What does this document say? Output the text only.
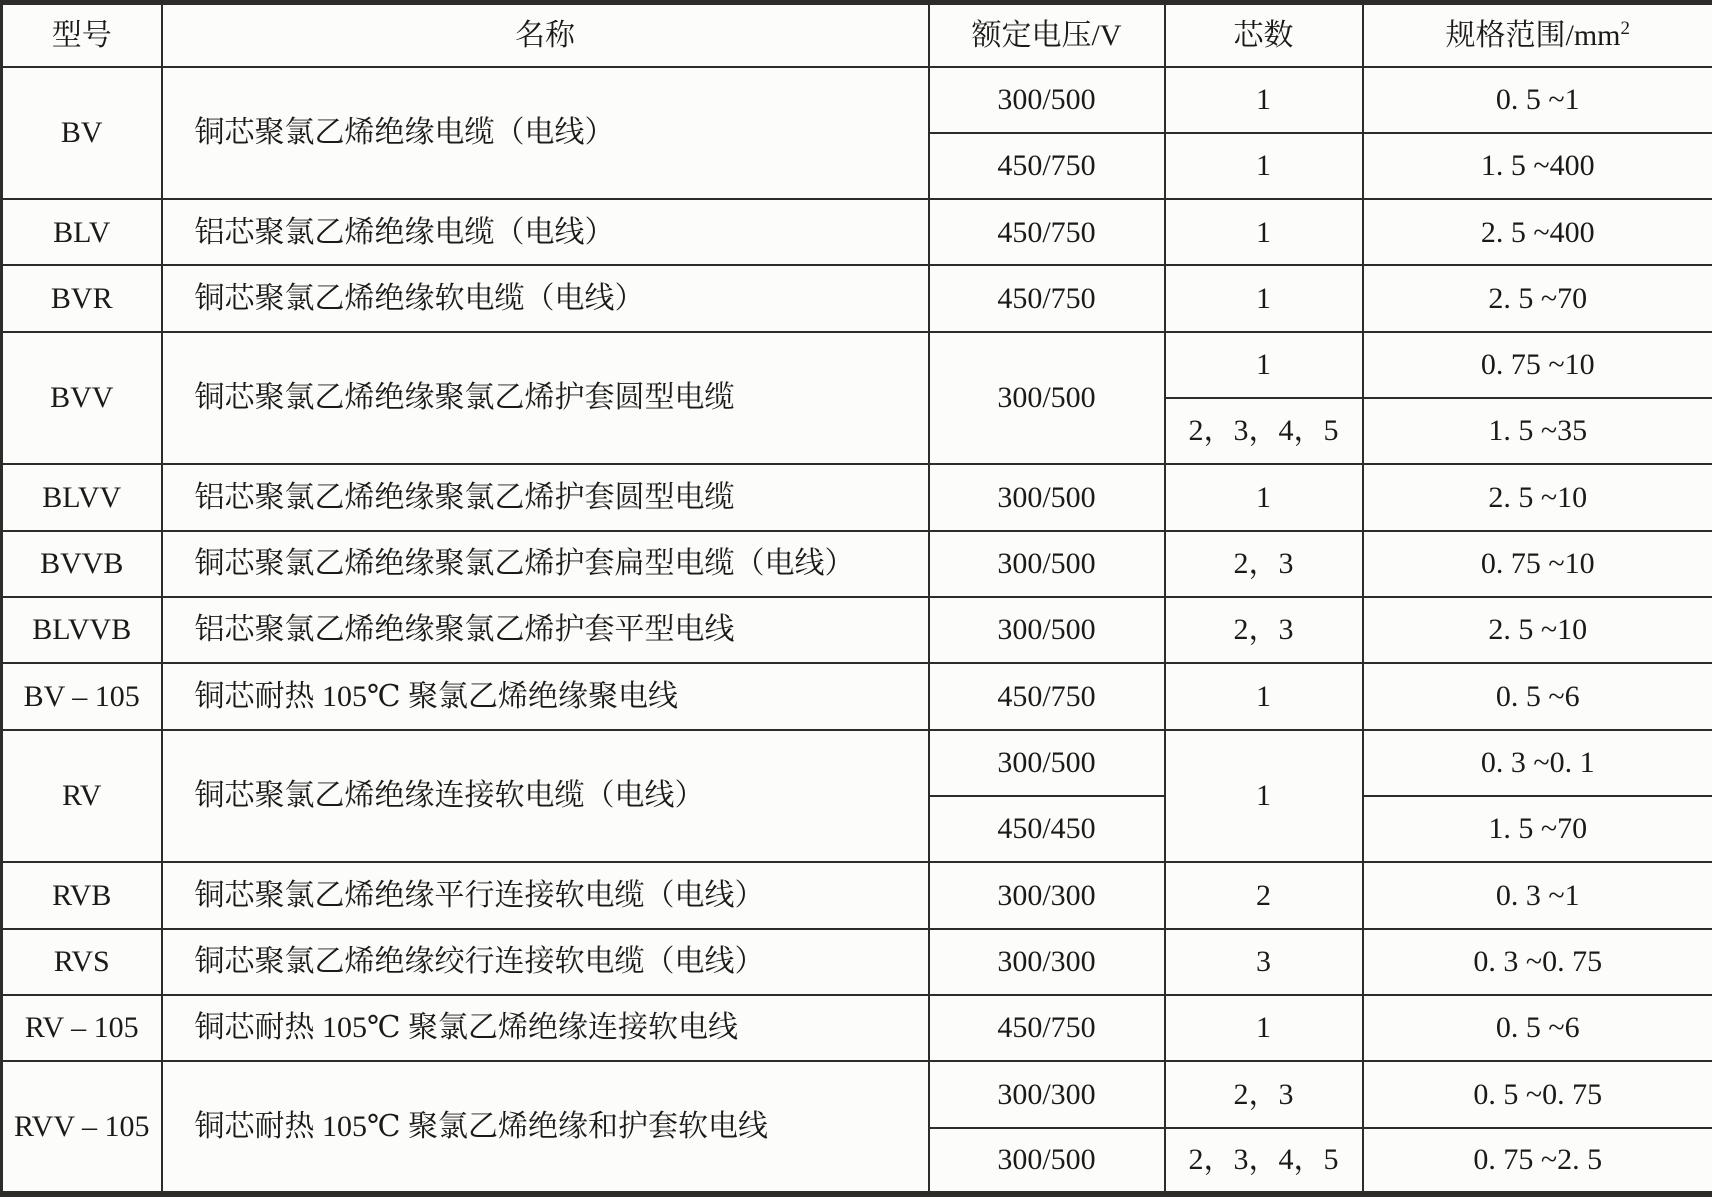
型号	名称	额定电压/V	芯数	规格范围$/mm^2$
BV	铜芯聚氯乙烯绝缘电缆（电线）	300/500	1	0. 5 ~1
		450/750	1	1. 5 ~400
BLV	铝芯聚氯乙烯绝缘电缆（电线）	450/750	1	2. 5 ~400
BVR	铜芯聚氯乙烯绝缘软电缆（电线）	450/750	1	2. 5 ~70
BVV	铜芯聚氯乙烯绝缘聚氯乙烯护套圆型电缆	300/500	1	0. 75 ~10
			2，3，4，5	1. 5 ~35
BLVV	铝芯聚氯乙烯绝缘聚氯乙烯护套圆型电缆	300/500	1	2. 5 ~10
BVVB	铜芯聚氯乙烯绝缘聚氯乙烯护套扁型电缆（电线）	300/500	2，3	0. 75 ~10
BLVVB	铝芯聚氯乙烯绝缘聚氯乙烯护套平型电线	300/500	2，3	2. 5 ~10
BV – 105	铜芯耐热 105℃ 聚氯乙烯绝缘聚电线	450/750	1	0. 5 ~6
RV	铜芯聚氯乙烯绝缘连接软电缆（电线）	300/500	1	0. 3 ~0. 1
		450/450		1. 5 ~70
RVB	铜芯聚氯乙烯绝缘平行连接软电缆（电线）	300/300	2	0. 3 ~1
RVS	铜芯聚氯乙烯绝缘绞行连接软电缆（电线）	300/300	3	0. 3 ~0. 75
RV – 105	铜芯耐热 105℃ 聚氯乙烯绝缘连接软电线	450/750	1	0. 5 ~6
RVV – 105	铜芯耐热 105℃ 聚氯乙烯绝缘和护套软电线	300/300	2，3	0. 5 ~0. 75
		300/500	2，3，4，5	0. 75 ~2. 5
